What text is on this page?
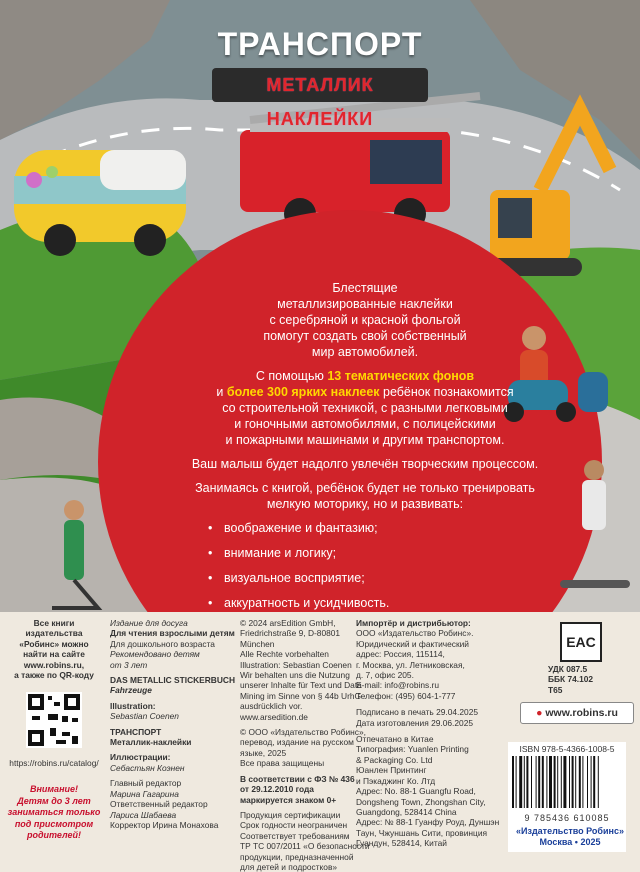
ТРАНСПОРТ
МЕТАЛЛИК НАКЛЕЙКИ

Блестящие
металлизированные наклейки
с серебряной и красной фольгой
помогут создать свой собственный
мир автомобилей.

С помощью 13 тематических фонов
и более 300 ярких наклеек ребёнок познакомится
со строительной техникой, с разными легковыми
и гоночными автомобилями, с полицейскими
и пожарными машинами и другим транспортом.

Ваш малыш будет надолго увлечён творческим процессом.

Занимаясь с книгой, ребёнок будет не только тренировать
мелкую моторику, но и развивать:

• воображение и фантазию;
• внимание и логику;
• визуальное восприятие;
• аккуратность и усидчивость.
Все книги
издательства
«Робинс» можно
найти на сайте
www.robins.ru,
а также по QR-коду
https://robins.ru/catalog/
Внимание!
Детям до 3 лет
заниматься только
под присмотром
родителей!
Издание для досуга
Для чтения взрослыми детям
Для дошкольного возраста
Рекомендовано детям
от 3 лет
DAS METALLIC STICKERBUCH
Fahrzeuge
Illustration:
Sebastian Coenen
ТРАНСПОРТ
Металлик-наклейки
Иллюстрации:
Себастьян Коэнен
Главный редактор
Марина Гагарина
Ответственный редактор
Лариса Шабаева
Корректор Ирина Монахова
© 2024 arsEdition GmbH,
Friedrichstraße 9, D-80801
München
Alle Rechte vorbehalten
Illustration: Sebastian Coenen
Wir behalten uns die Nutzung
unserer Inhalte für Text und Data
Mining im Sinne von § 44b UrhG
ausdrücklich vor.
www.arsedition.de
© ООО «Издательство Робинс»,
перевод, издание на русском
языке, 2025
Все права защищены
В соответствии с ФЗ № 436
от 29.12.2010 года
маркируется знаком 0+
Продукция сертификации
Срок годности неограничен
Соответствует требованиям
ТР ТС 007/2011 «О безопасности
продукции, предназначенной
для детей и подростков»
Импортёр и дистрибьютор:
ООО «Издательство Робинс».
Юридический и фактический
адрес: Россия, 115114,
г. Москва, ул. Летниковская,
д. 7, офис 205.
E-mail: info@robins.ru
Телефон: (495) 604-1-777
Подписано в печать 29.04.2025
Дата изготовления 29.06.2025
Отпечатано в Китае
Типография: Yuanlen Printing
& Packaging Co. Ltd
Юанлен Принтинг
и Пэкаджинг Ко. Лтд
Адрес: No. 88-1 Guangfu Road,
Dongsheng Town, Zhongshan City,
Guangdong, 528414 China
Адрес: № 88-1 Гуанфу Роуд, Дуншэн
Таун, Чжуншань Сити, провинция
Гуандун, 528414, Китай
EAC
УДК 087.5
ББК 74.102
Т65
● www.robins.ru
ISBN 978-5-4366-1008-5
9 785436 610085
«Издательство Робинс»
Москва • 2025
